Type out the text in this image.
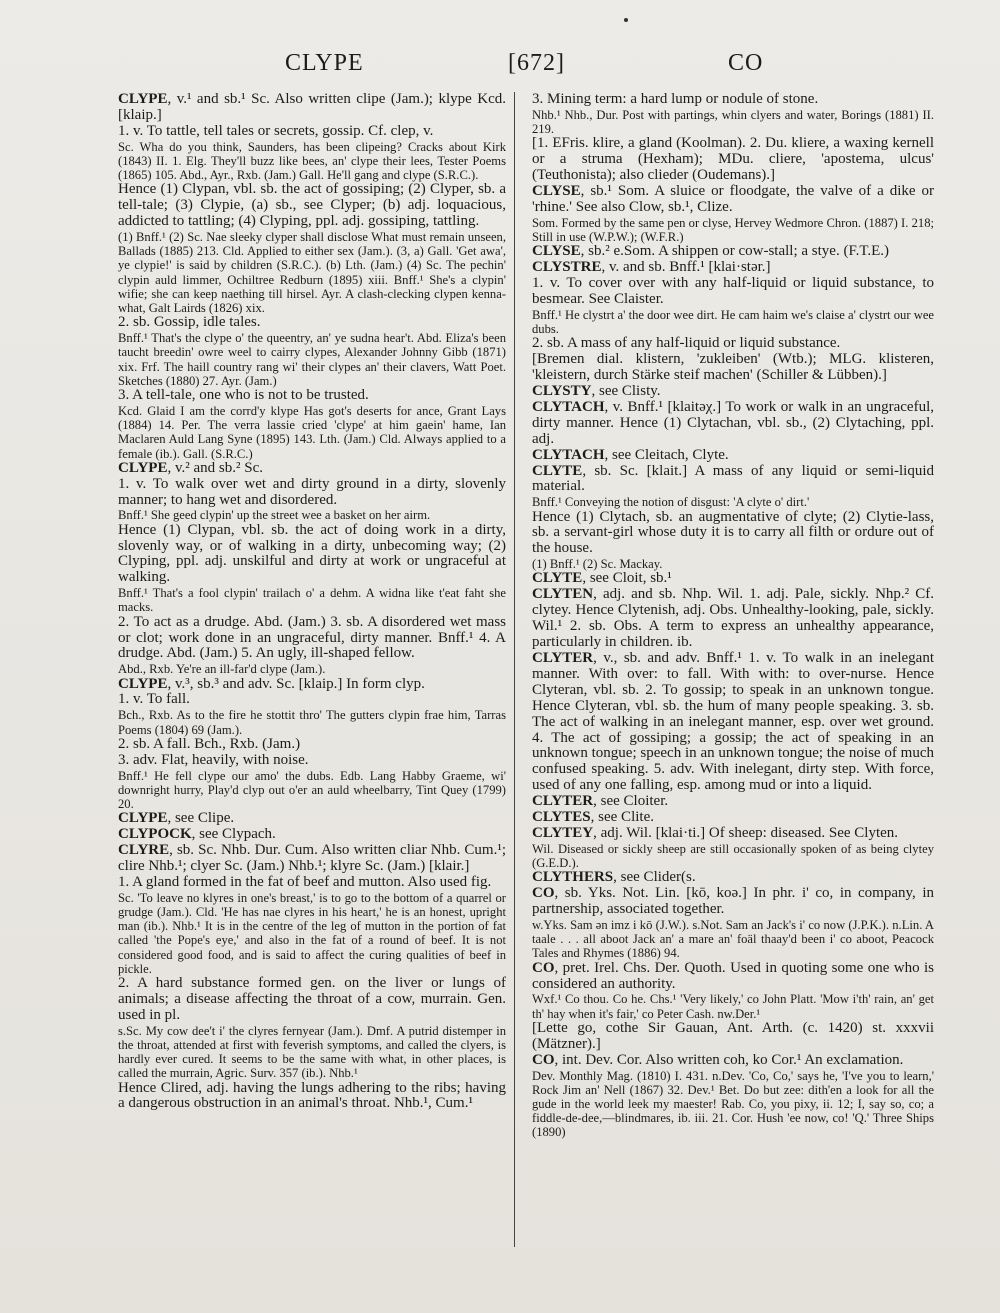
CLYPE	[672]	CO

CLYPE, v.¹ and sb.¹ Sc. Also written clipe (Jam.); klype Kcd. [klaip.]

1. v. To tattle, tell tales or secrets, gossip. Cf. clep, v.

Sc. Wha do you think, Saunders, has been clipeing? Cracks about Kirk (1843) II. 1. Elg. They'll buzz like bees, an' clype their lees, Tester Poems (1865) 105. Abd., Ayr., Rxb. (Jam.) Gall. He'll gang and clype (S.R.C.).

Hence (1) Clypan, vbl. sb. the act of gossiping; (2) Clyper, sb. a tell-tale; (3) Clypie, (a) sb., see Clyper; (b) adj. loquacious, addicted to tattling; (4) Clyping, ppl. adj. gossiping, tattling.

(1) Bnff.¹ (2) Sc. Nae sleeky clyper shall disclose What must remain unseen, Ballads (1885) 213. Cld. Applied to either sex (Jam.). (3, a) Gall. 'Get awa', ye clypie!' is said by children (S.R.C.). (b) Lth. (Jam.) (4) Sc. The pechin' clypin auld limmer, Ochiltree Redburn (1895) xiii. Bnff.¹ She's a clypin' wifie; she can keep naething till hirsel. Ayr. A clash-clecking clypen kenna-what, Galt Lairds (1826) xix.

2. sb. Gossip, idle tales.

Bnff.¹ That's the clype o' the queentry, an' ye sudna hear't. Abd. Eliza's been taucht breedin' owre weel to cairry clypes, Alexander Johnny Gibb (1871) xix. Frf. The haill country rang wi' their clypes an' their clavers, Watt Poet. Sketches (1880) 27. Ayr. (Jam.)

3. A tell-tale, one who is not to be trusted.

Kcd. Glaid I am the corrd'y klype Has got's deserts for ance, Grant Lays (1884) 14. Per. The verra lassie cried 'clype' at him gaein' hame, Ian Maclaren Auld Lang Syne (1895) 143. Lth. (Jam.) Cld. Always applied to a female (ib.). Gall. (S.R.C.)

CLYPE, v.² and sb.² Sc.

1. v. To walk over wet and dirty ground in a dirty, slovenly manner; to hang wet and disordered.

Bnff.¹ She geed clypin' up the street wee a basket on her airm.

Hence (1) Clypan, vbl. sb. the act of doing work in a dirty, slovenly way, or of walking in a dirty, unbecoming way; (2) Clyping, ppl. adj. unskilful and dirty at work or ungraceful at walking.

Bnff.¹ That's a fool clypin' trailach o' a dehm. A widna like t'eat faht she macks.

2. To act as a drudge. Abd. (Jam.) 3. sb. A disordered wet mass or clot; work done in an ungraceful, dirty manner. Bnff.¹ 4. A drudge. Abd. (Jam.) 5. An ugly, ill-shaped fellow.

Abd., Rxb. Ye're an ill-far'd clype (Jam.).

CLYPE, v.³, sb.³ and adv. Sc. [klaip.] In form clyp.

1. v. To fall.

Bch., Rxb. As to the fire he stottit thro' The gutters clypin frae him, Tarras Poems (1804) 69 (Jam.).

2. sb. A fall. Bch., Rxb. (Jam.)

3. adv. Flat, heavily, with noise.

Bnff.¹ He fell clype our amo' the dubs. Edb. Lang Habby Graeme, wi' downright hurry, Play'd clyp out o'er an auld wheelbarry, Tint Quey (1799) 20.

CLYPE, see Clipe.

CLYPOCK, see Clypach.

CLYRE, sb. Sc. Nhb. Dur. Cum. Also written cliar Nhb. Cum.¹; clire Nhb.¹; clyer Sc. (Jam.) Nhb.¹; klyre Sc. (Jam.) [klair.]

1. A gland formed in the fat of beef and mutton. Also used fig.

Sc. 'To leave no klyres in one's breast,' is to go to the bottom of a quarrel or grudge (Jam.). Cld. 'He has nae clyres in his heart,' he is an honest, upright man (ib.). Nhb.¹ It is in the centre of the leg of mutton in the portion of fat called 'the Pope's eye,' and also in the fat of a round of beef. It is not considered good food, and is said to affect the curing qualities of beef in pickle.

2. A hard substance formed gen. on the liver or lungs of animals; a disease affecting the throat of a cow, murrain. Gen. used in pl.

s.Sc. My cow dee't i' the clyres fernyear (Jam.). Dmf. A putrid distemper in the throat, attended at first with feverish symptoms, and called the clyers, is hardly ever cured. It seems to be the same with what, in other places, is called the murrain, Agric. Surv. 357 (ib.). Nhb.¹

Hence Clired, adj. having the lungs adhering to the ribs; having a dangerous obstruction in an animal's throat. Nhb.¹, Cum.¹

3. Mining term: a hard lump or nodule of stone.

Nhb.¹ Nhb., Dur. Post with partings, whin clyers and water, Borings (1881) II. 219.

[1. EFris. klire, a gland (Koolman). 2. Du. kliere, a waxing kernell or a struma (Hexham); MDu. cliere, 'apostema, ulcus' (Teuthonista); also clieder (Oudemans).]

CLYSE, sb.¹ Som. A sluice or floodgate, the valve of a dike or 'rhine.' See also Clow, sb.¹, Clize.

Som. Formed by the same pen or clyse, Hervey Wedmore Chron. (1887) I. 218; Still in use (W.P.W.); (W.F.R.)

CLYSE, sb.² e.Som. A shippen or cow-stall; a stye. (F.T.E.)

CLYSTRE, v. and sb. Bnff.¹ [klai·stər.]

1. v. To cover over with any half-liquid or liquid substance, to besmear. See Claister.

Bnff.¹ He clystrt a' the door wee dirt. He cam haim we's claise a' clystrt our wee dubs.

2. sb. A mass of any half-liquid or liquid substance.

[Bremen dial. klistern, 'zukleiben' (Wtb.); MLG. klisteren, 'kleistern, durch Stärke steif machen' (Schiller & Lübben).]

CLYSTY, see Clisty.

CLYTACH, v. Bnff.¹ [klaitəχ.] To work or walk in an ungraceful, dirty manner. Hence (1) Clytachan, vbl. sb., (2) Clytaching, ppl. adj.

CLYTACH, see Cleitach, Clyte.

CLYTE, sb. Sc. [klait.] A mass of any liquid or semi-liquid material.

Bnff.¹ Conveying the notion of disgust: 'A clyte o' dirt.'

Hence (1) Clytach, sb. an augmentative of clyte; (2) Clytie-lass, sb. a servant-girl whose duty it is to carry all filth or ordure out of the house.

(1) Bnff.¹ (2) Sc. Mackay.

CLYTE, see Cloit, sb.¹

CLYTEN, adj. and sb. Nhp. Wil. 1. adj. Pale, sickly. Nhp.² Cf. clytey. Hence Clytenish, adj. Obs. Unhealthy-looking, pale, sickly. Wil.¹ 2. sb. Obs. A term to express an unhealthy appearance, particularly in children. ib.

CLYTER, v., sb. and adv. Bnff.¹ 1. v. To walk in an inelegant manner. With over: to fall. With with: to over-nurse. Hence Clyteran, vbl. sb. 2. To gossip; to speak in an unknown tongue. Hence Clyteran, vbl. sb. the hum of many people speaking. 3. sb. The act of walking in an inelegant manner, esp. over wet ground. 4. The act of gossiping; a gossip; the act of speaking in an unknown tongue; speech in an unknown tongue; the noise of much confused speaking. 5. adv. With inelegant, dirty step. With force, used of any one falling, esp. among mud or into a liquid.

CLYTER, see Cloiter.

CLYTES, see Clite.

CLYTEY, adj. Wil. [klai·ti.] Of sheep: diseased. See Clyten.

Wil. Diseased or sickly sheep are still occasionally spoken of as being clytey (G.E.D.).

CLYTHERS, see Clider(s.

CO, sb. Yks. Not. Lin. [kō, koə.] In phr. i' co, in company, in partnership, associated together.

w.Yks. Sam ən imz i kō (J.W.). s.Not. Sam an Jack's i' co now (J.P.K.). n.Lin. A taale . . . all aboot Jack an' a mare an' foäl thaay'd been i' co aboot, Peacock Tales and Rhymes (1886) 94.

CO, pret. Irel. Chs. Der. Quoth. Used in quoting some one who is considered an authority.

Wxf.¹ Co thou. Co he. Chs.¹ 'Very likely,' co John Platt. 'Mow i'th' rain, an' get th' hay when it's fair,' co Peter Cash. nw.Der.¹

[Lette go, cothe Sir Gauan, Ant. Arth. (c. 1420) st. xxxvii (Mätzner).]

CO, int. Dev. Cor. Also written coh, ko Cor.¹ An exclamation.

Dev. Monthly Mag. (1810) I. 431. n.Dev. 'Co, Co,' says he, 'I've you to learn,' Rock Jim an' Nell (1867) 32. Dev.¹ Bet. Do but zee: dith'en a look for all the gude in the world leek my maester! Rab. Co, you pixy, ii. 12; I, say so, co; a fiddle-de-dee,—blindmares, ib. iii. 21. Cor. Hush 'ee now, co! 'Q.' Three Ships (1890)
